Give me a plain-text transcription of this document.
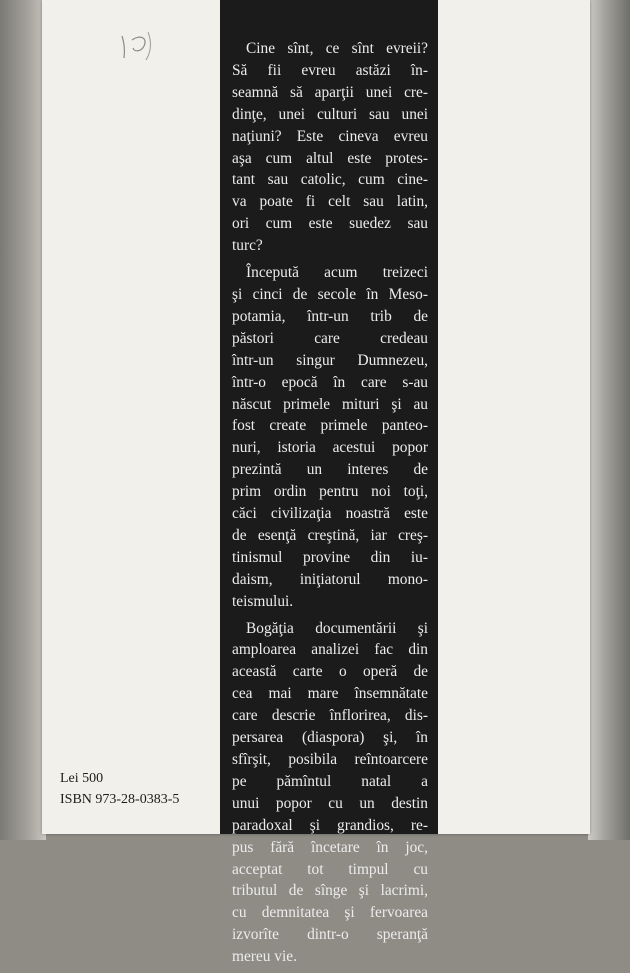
Lei 500
ISBN 973-28-0383-5
Cine sînt, ce sînt evreii?
Să fii evreu astăzi în-
seamnă să aparţii unei cre-
dinţe, unei culturi sau unei
naţiuni? Este cineva evreu
aşa cum altul este protes-
tant sau catolic, cum cine-
va poate fi celt sau latin,
ori cum este suedez sau
turc?
Începută acum treizeci
şi cinci de secole în Meso-
potamia, într-un trib de
păstori care credeau
într-un singur Dumnezeu,
într-o epocă în care s-au
născut primele mituri şi au
fost create primele panteo-
nuri, istoria acestui popor
prezintă un interes de
prim ordin pentru noi toţi,
căci civilizaţia noastră este
de esenţă creştină, iar creş-
tinismul provine din iu-
daism, iniţiatorul mono-
teismului.
Bogăţia documentării şi
amploarea analizei fac din
această carte o operă de
cea mai mare însemnătate
care descrie înflorirea, dis-
persarea (diaspora) şi, în
sfîrşit, posibila reîntoarcere
pe pămîntul natal a
unui popor cu un destin
paradoxal şi grandios, re-
pus fără încetare în joc,
acceptat tot timpul cu
tributul de sînge şi lacrimi,
cu demnitatea şi fervoarea
izvorîte dintr-o speranţă
mereu vie.
